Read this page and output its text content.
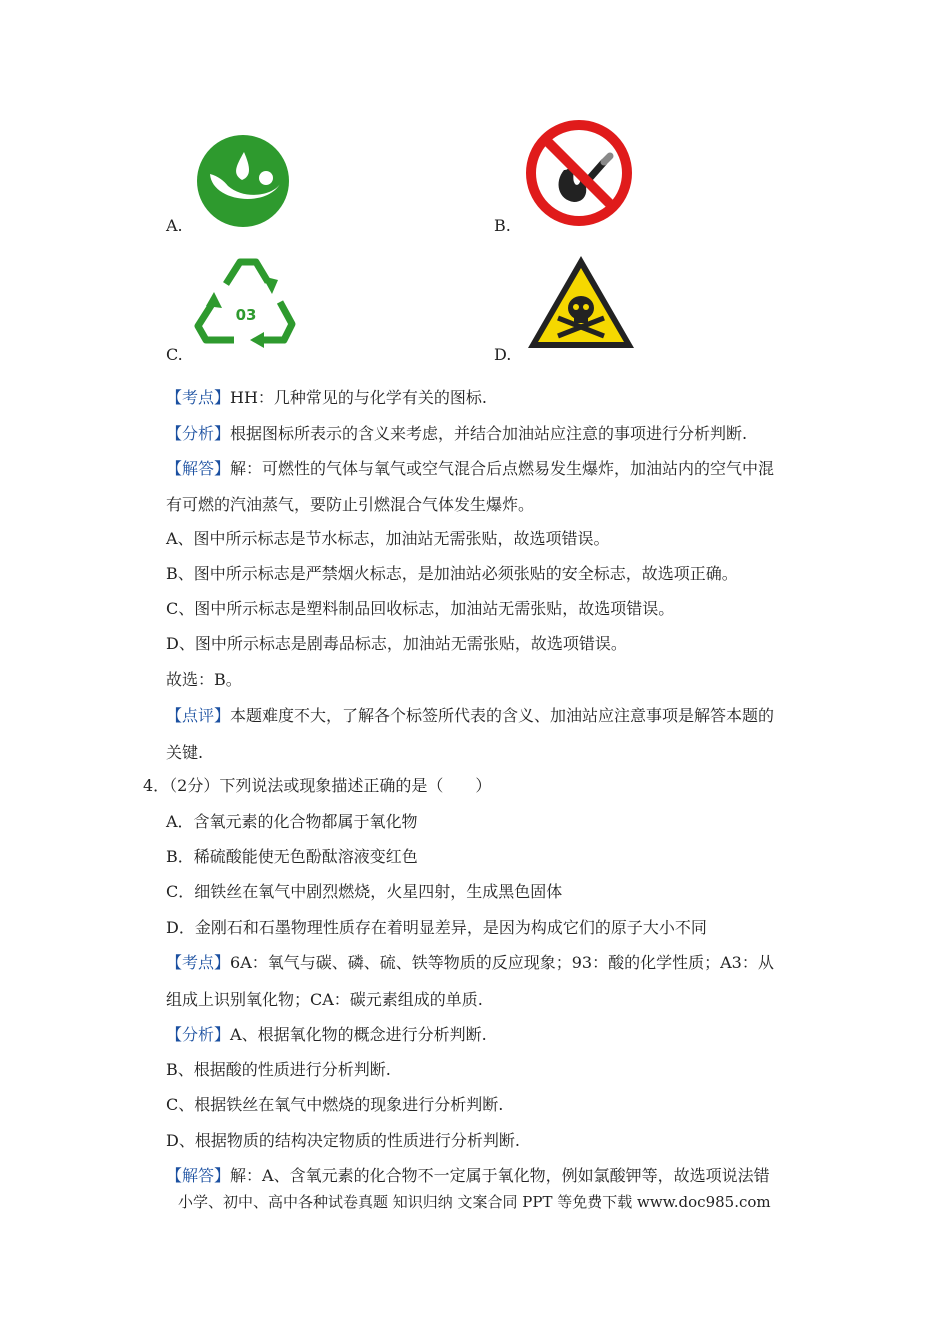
A.	B.
03
C.	D.
【考点】HH：几种常见的与化学有关的图标.
【分析】根据图标所表示的含义来考虑，并结合加油站应注意的事项进行分析判断.
【解答】解：可燃性的气体与氧气或空气混合后点燃易发生爆炸，加油站内的空气中混
有可燃的汽油蒸气，要防止引燃混合气体发生爆炸。
A、图中所示标志是节水标志，加油站无需张贴，故选项错误。
B、图中所示标志是严禁烟火标志，是加油站必须张贴的安全标志，故选项正确。
C、图中所示标志是塑料制品回收标志，加油站无需张贴，故选项错误。
D、图中所示标志是剧毒品标志，加油站无需张贴，故选项错误。
故选：B。
【点评】本题难度不大，了解各个标签所代表的含义、加油站应注意事项是解答本题的
关键.
4．（2分）下列说法或现象描述正确的是（　　）
A．含氧元素的化合物都属于氧化物
B．稀硫酸能使无色酚酞溶液变红色
C．细铁丝在氧气中剧烈燃烧，火星四射，生成黑色固体
D．金刚石和石墨物理性质存在着明显差异，是因为构成它们的原子大小不同
【考点】6A：氧气与碳、磷、硫、铁等物质的反应现象；93：酸的化学性质；A3：从
组成上识别氧化物；CA：碳元素组成的单质.
【分析】A、根据氧化物的概念进行分析判断.
B、根据酸的性质进行分析判断.
C、根据铁丝在氧气中燃烧的现象进行分析判断.
D、根据物质的结构决定物质的性质进行分析判断.
【解答】解：A、含氧元素的化合物不一定属于氧化物，例如氯酸钾等，故选项说法错
小学、初中、高中各种试卷真题 知识归纳 文案合同 PPT 等免费下载 www.doc985.com
